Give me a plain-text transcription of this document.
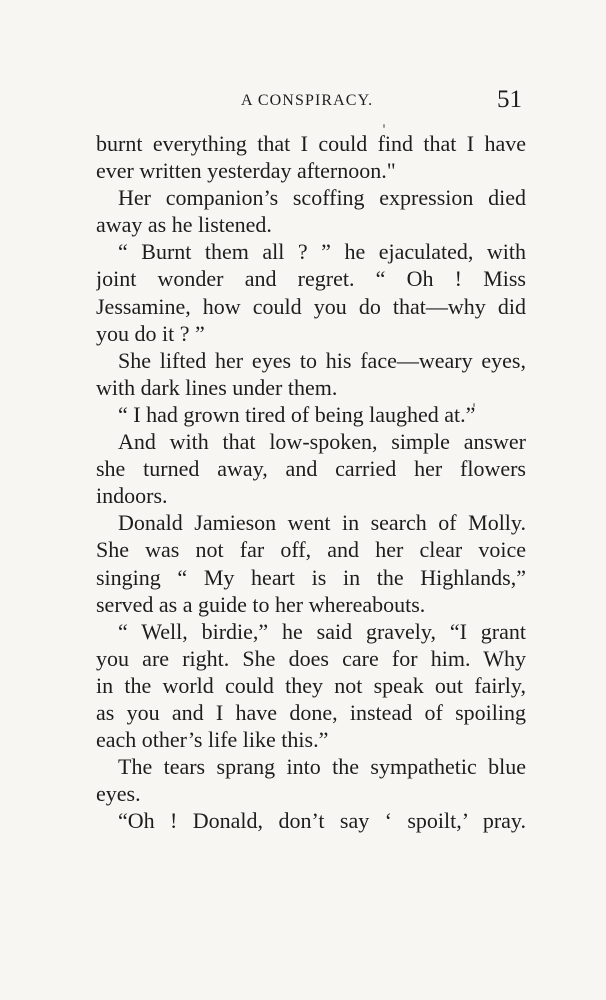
A CONSPIRACY.	51
burnt everything that I could find that I have
ever written yesterday afternoon."
Her companion’s scoffing expression died
away as he listened.
“ Burnt them all ? ” he ejaculated, with
joint wonder and regret. “ Oh ! Miss
Jessamine, how could you do that—why did
you do it ? ”
She lifted her eyes to his face—weary eyes,
with dark lines under them.
“ I had grown tired of being laughed at.”
And with that low-spoken, simple answer
she turned away, and carried her flowers
indoors.
Donald Jamieson went in search of Molly.
She was not far off, and her clear voice
singing “ My heart is in the Highlands,”
served as a guide to her whereabouts.
“ Well, birdie,” he said gravely, “I grant
you are right. She does care for him. Why
in the world could they not speak out fairly,
as you and I have done, instead of spoiling
each other’s life like this.”
The tears sprang into the sympathetic blue
eyes.
“Oh ! Donald, don’t say ‘ spoilt,’ pray.
